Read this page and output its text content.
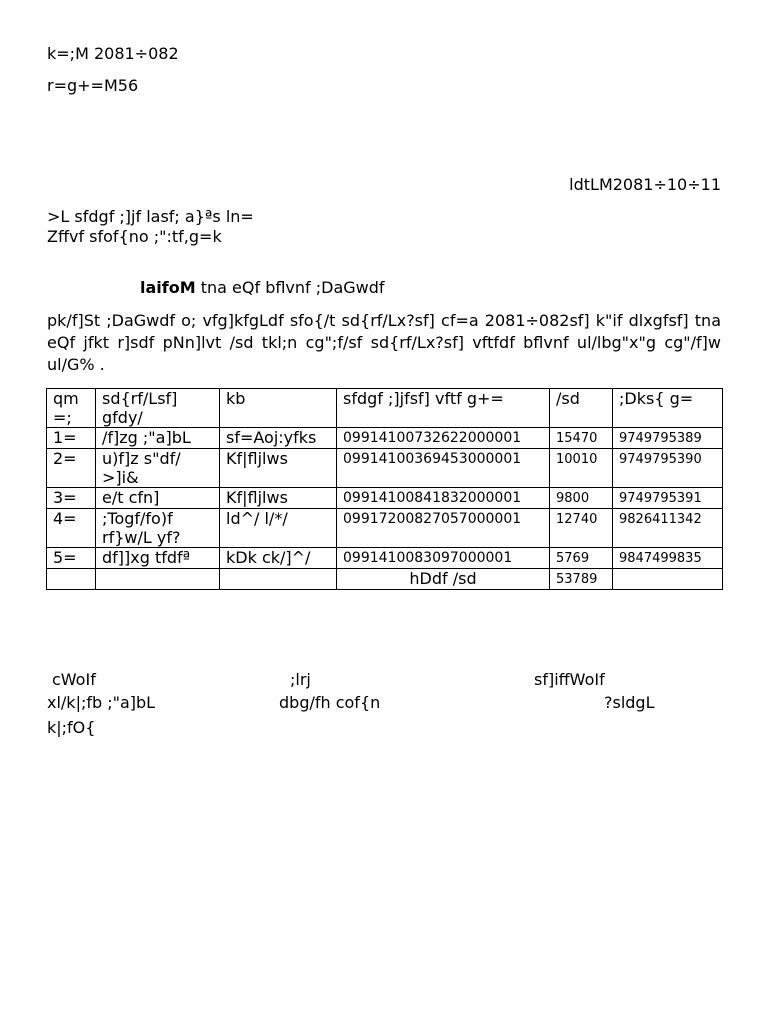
k=;M 2081÷082
r=g+=M56
ldtLM2081÷10÷11
>L sfdgf ;]jf lasf; a}ªs ln=
Zffvf sfof{no ;":tf,g=k
laifoM tna eQf bflvnf ;DaGwdf
pk/f]St ;DaGwdf o; vfg]kfgLdf sfo{/t sd{rf/Lx?sf] cf=a 2081÷082sf] k"if dlxgfsf] tna eQf jfkt r]sdf pNn]lvt /sd tkl;n cg";f/sf sd{rf/Lx?sf] vftfdf bflvnf ul/lbg"x"g cg"/f]w ul/G% .
qm =;	sd{rf/Lsf] gfdy/	kb	sfdgf ;]jfsf] vftf g+=	/sd	;Dks{ g=
1=	/f]zg ;"a]bL	sf=Aoj:yfks	09914100732622000001	15470	9749795389
2=	u)f]z s"df/ >]i&	Kf|fljlws	09914100369453000001	10010	9749795390
3=	e/t cfn]	Kf|fljlws	09914100841832000001	9800	9749795391
4=	;Togf/fo)f rf}w/L yf?	ld^/ l/*/	09917200827057000001	12740	9826411342
5=	df]]xg tfdfª	kDk ck/]^/	0991410083097000001	5769	9847499835
			hDdf /sd	53789	
cWoIf	;lrj	sf]iffWoIf
xl/k|;fb ;"a]bL	dbg/fh cof{n	?sldgL
k|;fO{
